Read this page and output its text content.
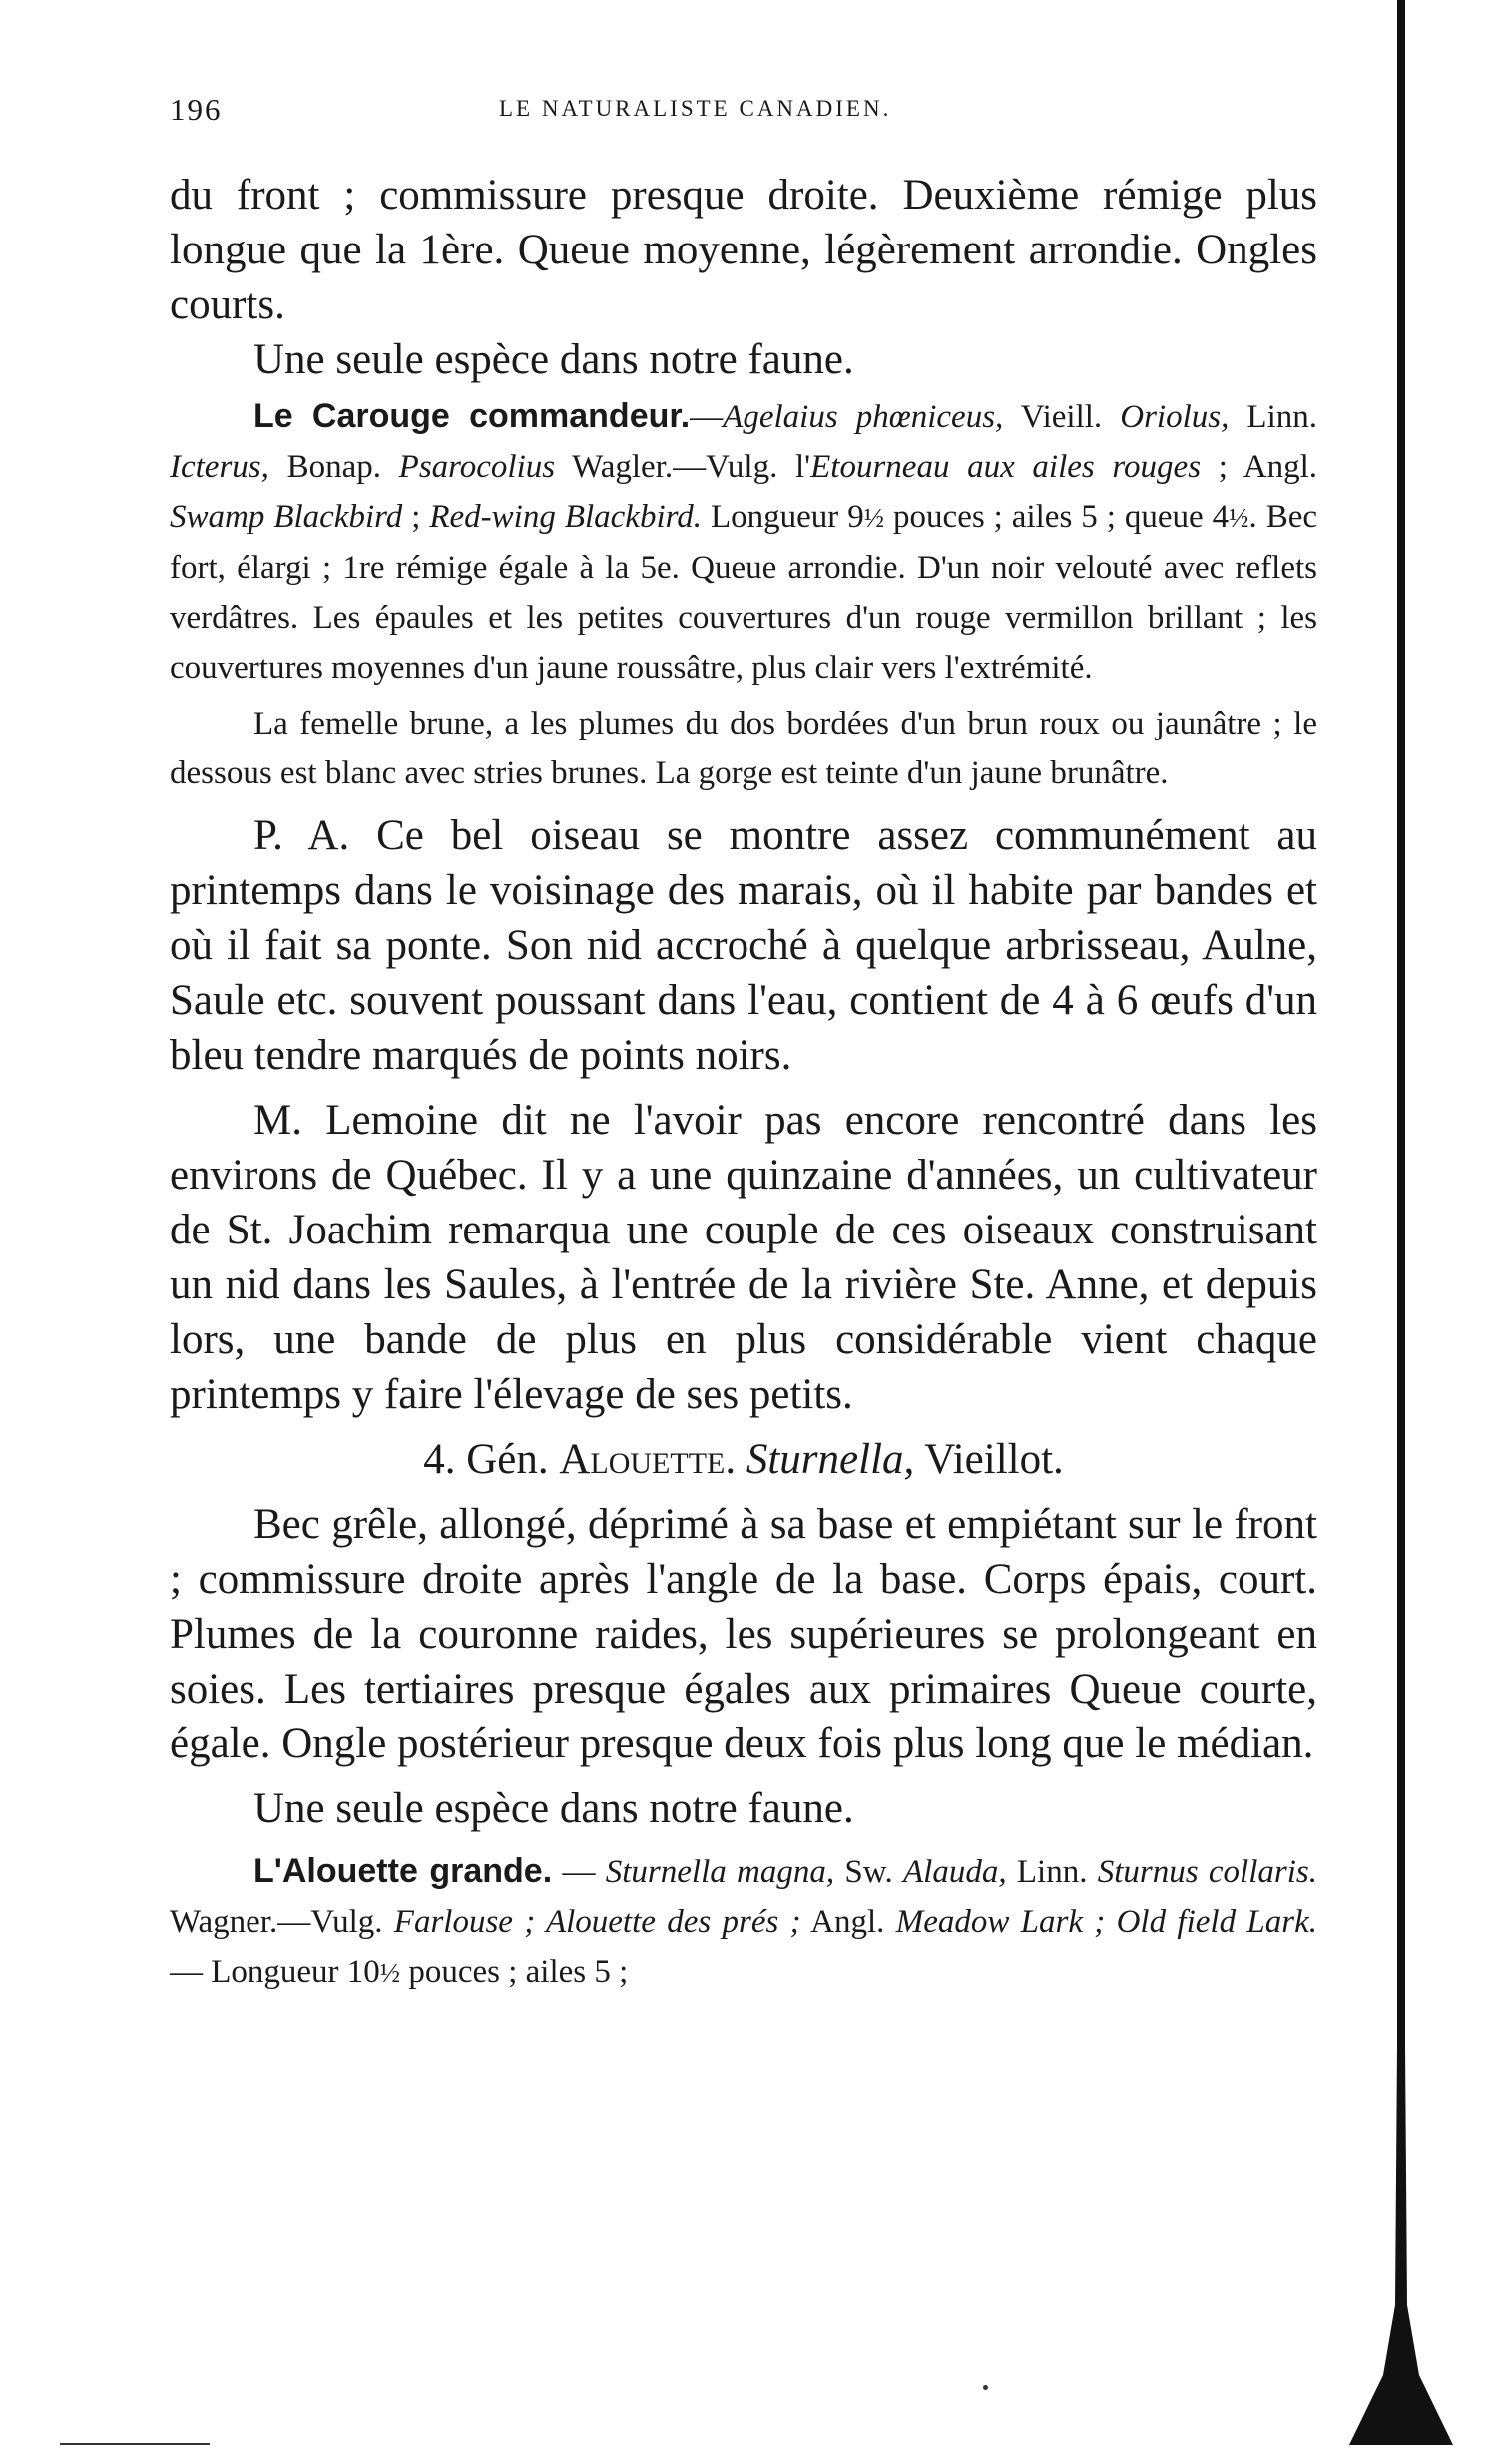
196	LE NATURALISTE CANADIEN.

du front ; commissure presque droite. Deuxième rémige plus longue que la 1ère. Queue moyenne, légèrement arrondie. Ongles courts.

Une seule espèce dans notre faune.

Le Carouge commandeur.—Agelaius phœniceus, Vieill. Oriolus, Linn. Icterus, Bonap. Psarocolius Wagler.—Vulg. l'Etourneau aux ailes rouges ; Angl. Swamp Blackbird ; Red-wing Blackbird. Longueur 9½ pouces ; ailes 5 ; queue 4½. Bec fort, élargi ; 1re rémige égale à la 5e. Queue arrondie. D'un noir velouté avec reflets verdâtres. Les épaules et les petites couvertures d'un rouge vermillon brillant ; les couvertures moyennes d'un jaune roussâtre, plus clair vers l'extrémité.

La femelle brune, a les plumes du dos bordées d'un brun roux ou jaunâtre ; le dessous est blanc avec stries brunes. La gorge est teinte d'un jaune brunâtre.

P. A. Ce bel oiseau se montre assez communément au printemps dans le voisinage des marais, où il habite par bandes et où il fait sa ponte. Son nid accroché à quelque arbrisseau, Aulne, Saule etc. souvent poussant dans l'eau, contient de 4 à 6 œufs d'un bleu tendre marqués de points noirs.

M. Lemoine dit ne l'avoir pas encore rencontré dans les environs de Québec. Il y a une quinzaine d'années, un cultivateur de St. Joachim remarqua une couple de ces oiseaux construisant un nid dans les Saules, à l'entrée de la rivière Ste. Anne, et depuis lors, une bande de plus en plus considérable vient chaque printemps y faire l'élevage de ses petits.

4. Gén. Alouette. Sturnella, Vieillot.

Bec grêle, allongé, déprimé à sa base et empiétant sur le front ; commissure droite après l'angle de la base. Corps épais, court. Plumes de la couronne raides, les supérieures se prolongeant en soies. Les tertiaires presque égales aux primaires Queue courte, égale. Ongle postérieur presque deux fois plus long que le médian.

Une seule espèce dans notre faune.

L'Alouette grande. — Sturnella magna, Sw. Alauda, Linn. Sturnus collaris. Wagner.—Vulg. Farlouse ; Alouette des prés ; Angl. Meadow Lark ; Old field Lark. — Longueur 10½ pouces ; ailes 5 ;
